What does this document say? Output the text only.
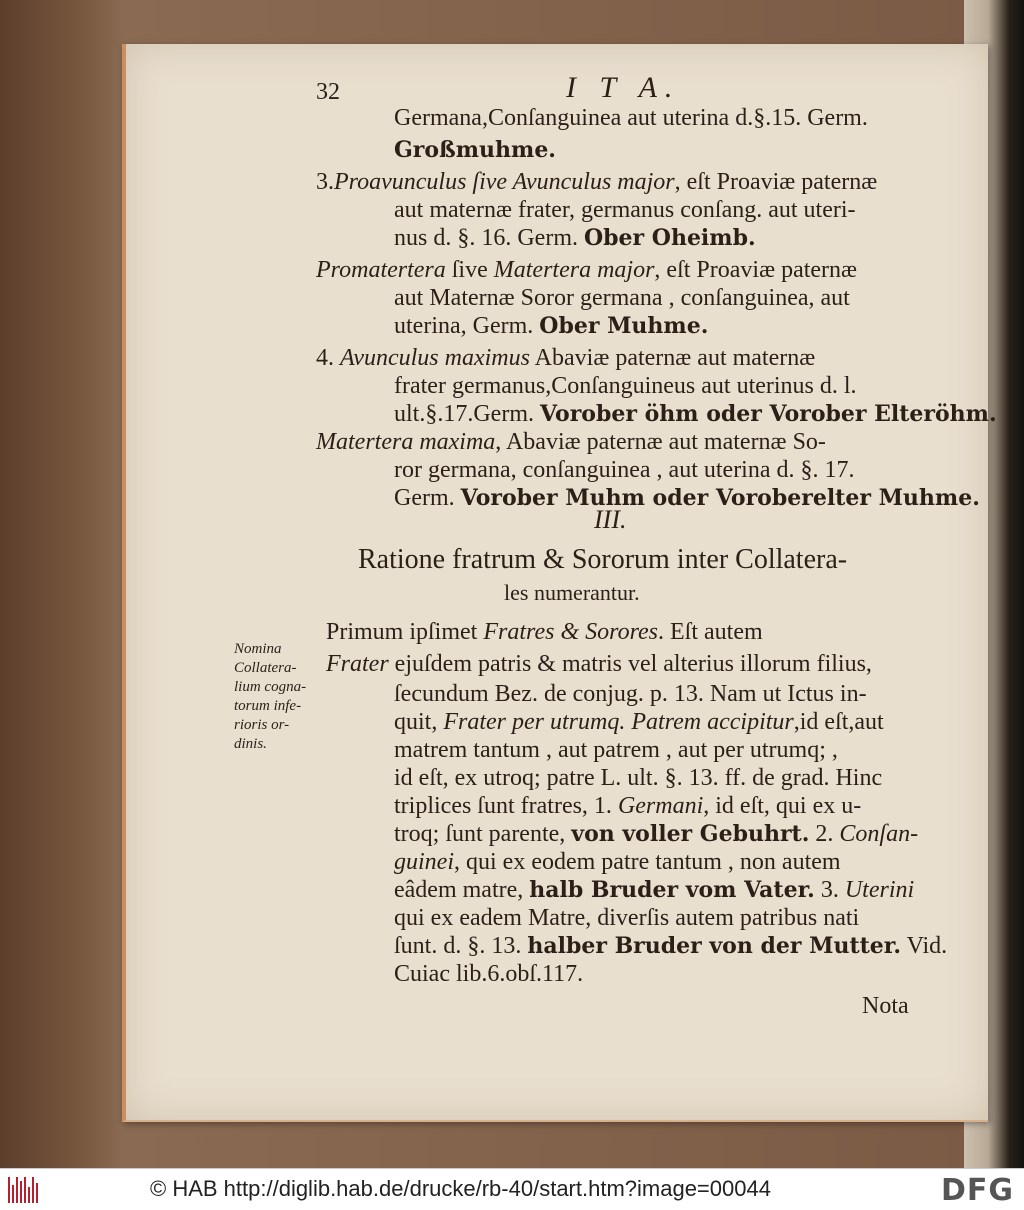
32	I T A.
Germana,Conſanguinea aut uterina d.§.15. Germ.
Großmuhme.
3.Proavunculus ſive Avunculus major, eſt Proaviæ paternæ
aut maternæ frater, germanus conſang. aut uteri-
nus d. §. 16. Germ. Ober Oheimb.
Promatertera ſive Matertera major, eſt Proaviæ paternæ
aut Maternæ Soror germana , conſanguinea, aut
uterina, Germ. Ober Muhme.
4. Avunculus maximus Abaviæ paternæ aut maternæ
frater germanus,Conſanguineus aut uterinus d. l.
ult.§.17.Germ. Vorober öhm oder Vorober Elteröhm.
Matertera maxima, Abaviæ paternæ aut maternæ So-
ror germana, conſanguinea , aut uterina d. §. 17.
Germ. Vorober Muhm oder Voroberelter Muhme.
III.
Ratione fratrum & Sororum inter Collatera-
les numerantur.
Primum ipſimet Fratres & Sorores. Eſt autem
Frater ejuſdem patris & matris vel alterius illorum filius,
ſecundum Bez. de conjug. p. 13. Nam ut Ictus in-
quit, Frater per utrumq. Patrem accipitur,id eſt,aut
matrem tantum , aut patrem , aut per utrumq; ,
id eſt, ex utroq; patre L. ult. §. 13. ff. de grad. Hinc
triplices ſunt fratres, 1. Germani, id eſt, qui ex u-
troq; ſunt parente, von voller Gebuhrt. 2. Conſan-
guinei, qui ex eodem patre tantum , non autem
eâdem matre, halb Bruder vom Vater. 3. Uterini
qui ex eadem Matre, diverſis autem patribus nati
ſunt. d. §. 13. halber Bruder von der Mutter. Vid.
Cuiac lib.6.obſ.117.
Nomina
Collatera-
lium cogna-
torum infe-
rioris or-
dinis.
Nota
© HAB http://diglib.hab.de/drucke/rb-40/start.htm?image=00044	DFG
